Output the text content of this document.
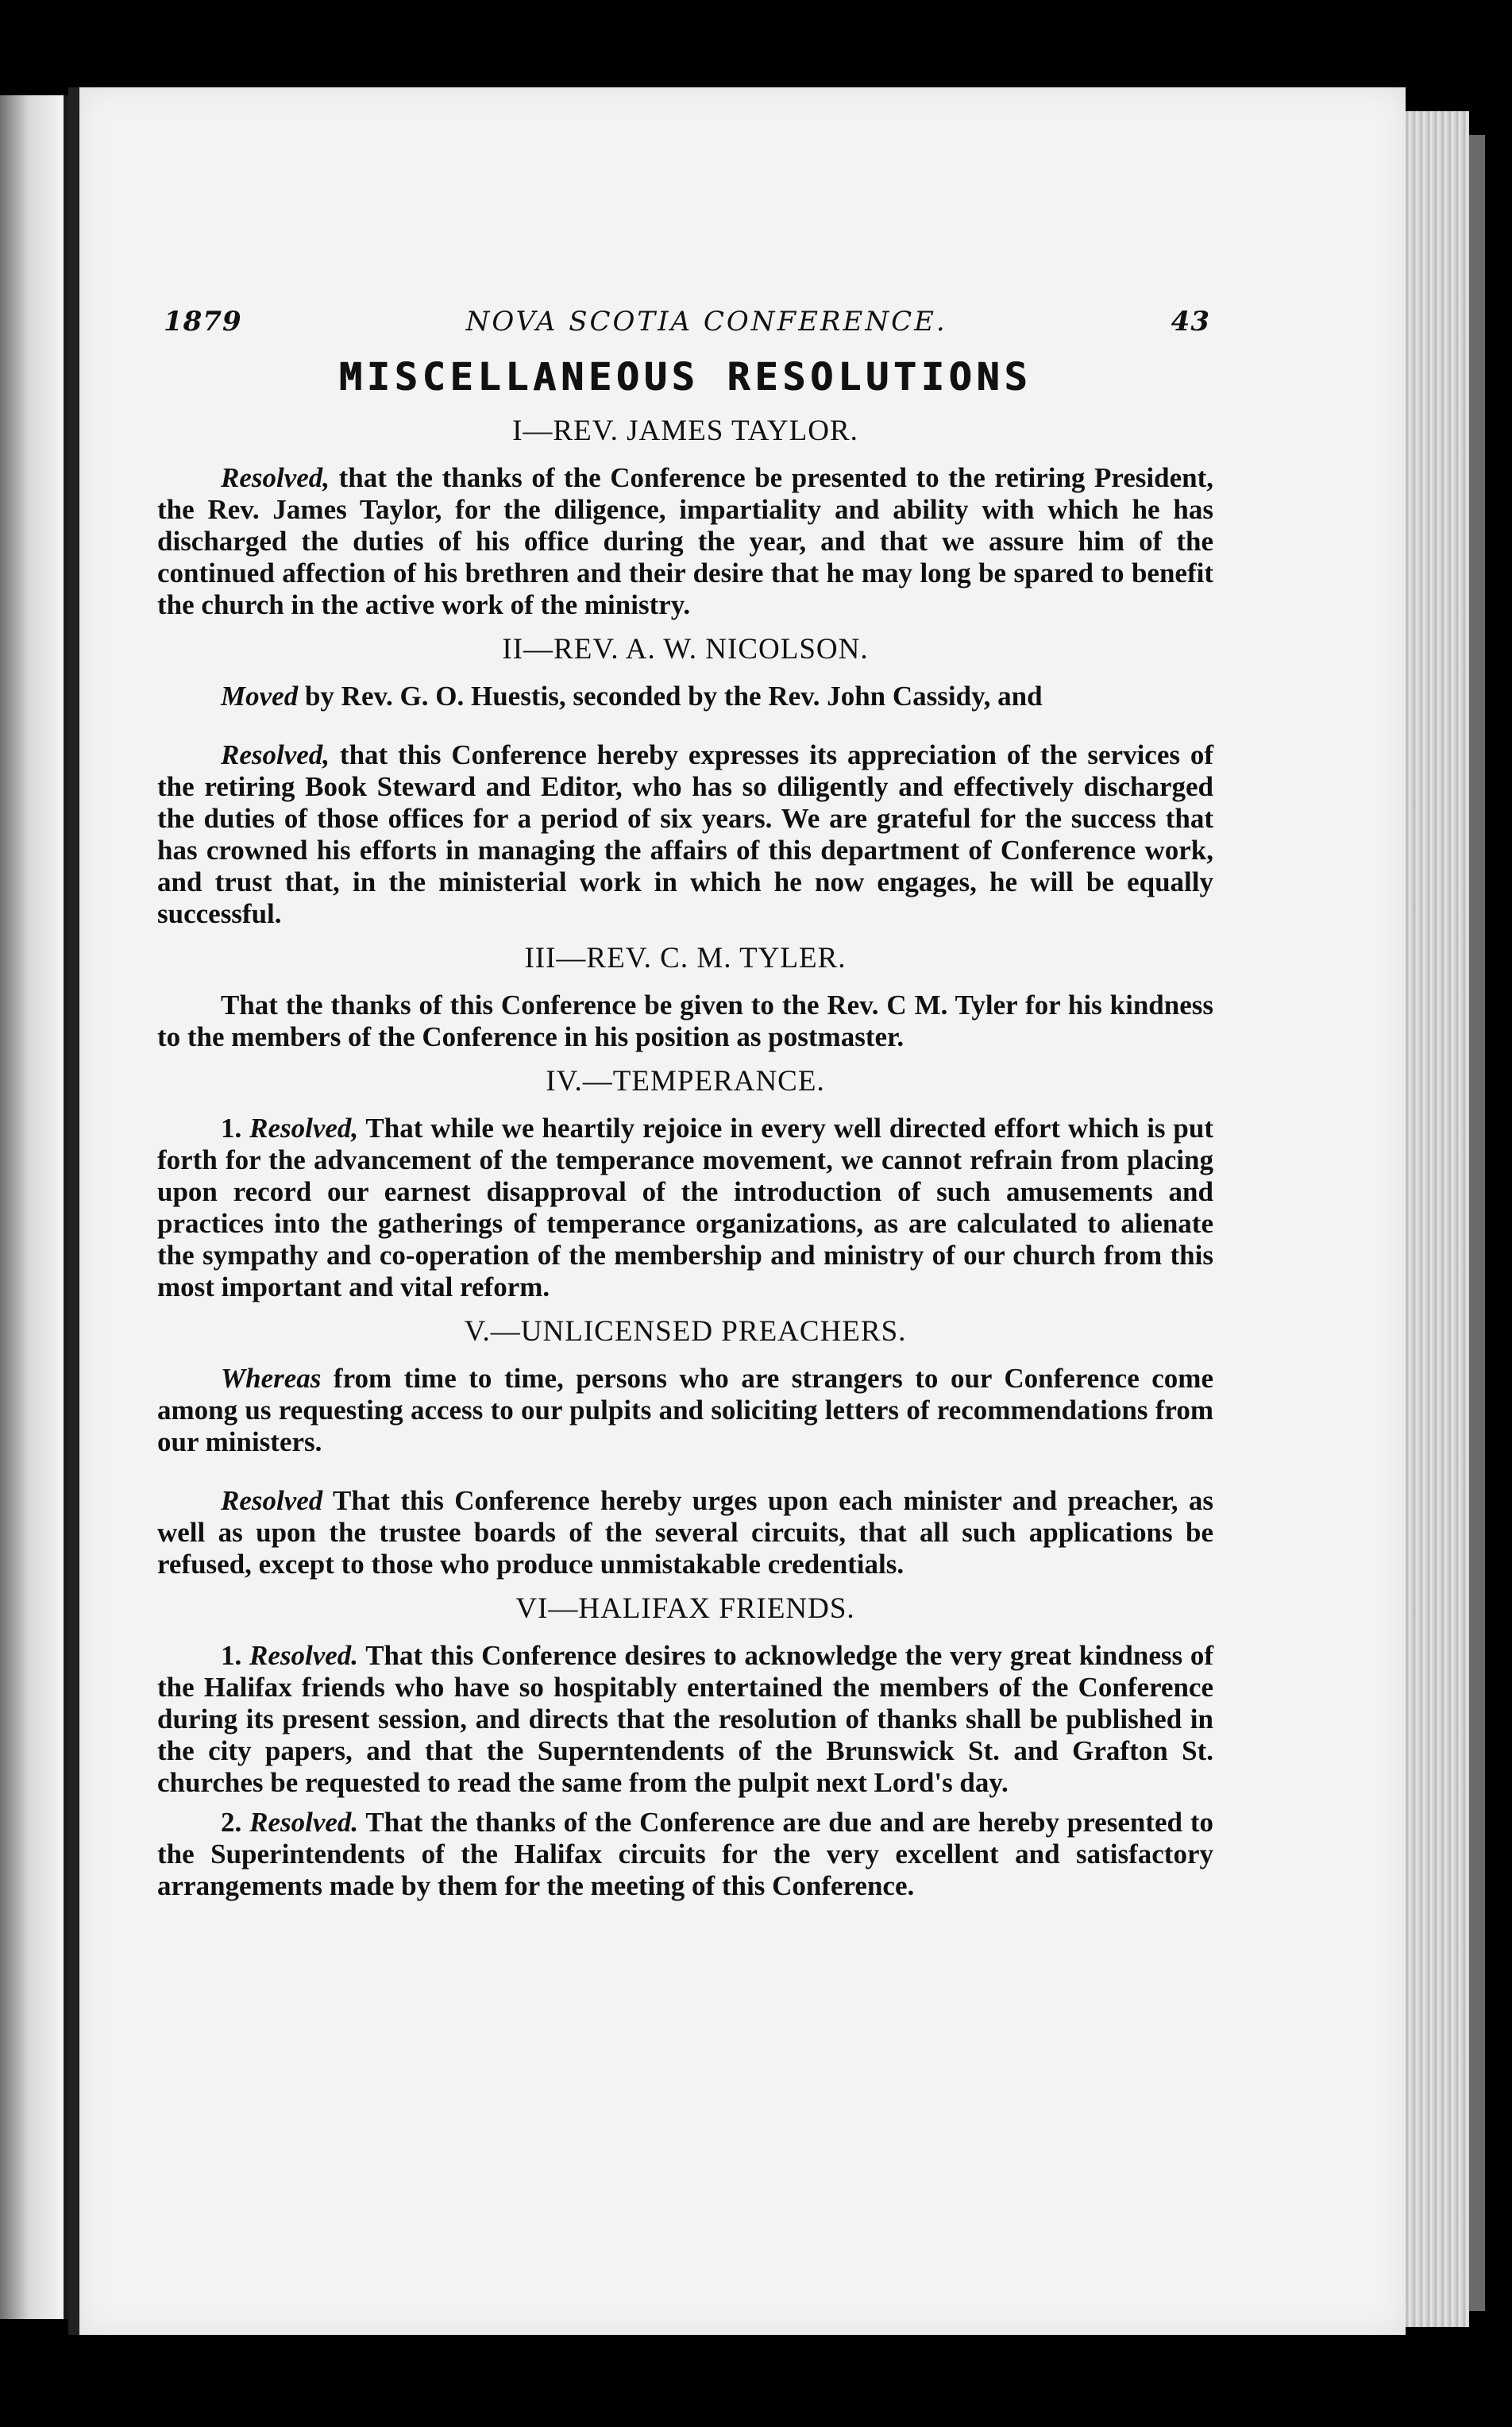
1879	NOVA SCOTIA CONFERENCE.	43
MISCELLANEOUS RESOLUTIONS
I—REV. JAMES TAYLOR.

Resolved, that the thanks of the Conference be presented to the retiring President, the Rev. James Taylor, for the diligence, impartiality and ability with which he has discharged the duties of his office during the year, and that we assure him of the continued affection of his brethren and their desire that he may long be spared to benefit the church in the active work of the ministry.

II—REV. A. W. NICOLSON.

Moved by Rev. G. O. Huestis, seconded by the Rev. John Cassidy, and

Resolved, that this Conference hereby expresses its appreciation of the services of the retiring Book Steward and Editor, who has so diligently and effectively discharged the duties of those offices for a period of six years. We are grateful for the success that has crowned his efforts in managing the affairs of this department of Conference work, and trust that, in the ministerial work in which he now engages, he will be equally successful.

III—REV. C. M. TYLER.

That the thanks of this Conference be given to the Rev. C M. Tyler for his kindness to the members of the Conference in his position as postmaster.

IV.—TEMPERANCE.

1. Resolved, That while we heartily rejoice in every well directed effort which is put forth for the advancement of the temperance movement, we cannot refrain from placing upon record our earnest disapproval of the introduction of such amusements and practices into the gatherings of temperance organizations, as are calculated to alienate the sympathy and co-operation of the membership and ministry of our church from this most important and vital reform.

V.—UNLICENSED PREACHERS.

Whereas from time to time, persons who are strangers to our Conference come among us requesting access to our pulpits and soliciting letters of recommendations from our ministers.

Resolved That this Conference hereby urges upon each minister and preacher, as well as upon the trustee boards of the several circuits, that all such applications be refused, except to those who produce unmistakable credentials.

VI—HALIFAX FRIENDS.

1. Resolved. That this Conference desires to acknowledge the very great kindness of the Halifax friends who have so hospitably entertained the members of the Conference during its present session, and directs that the resolution of thanks shall be published in the city papers, and that the Superntendents of the Brunswick St. and Grafton St. churches be requested to read the same from the pulpit next Lord's day.

2. Resolved. That the thanks of the Conference are due and are hereby presented to the Superintendents of the Halifax circuits for the very excellent and satisfactory arrangements made by them for the meeting of this Conference.
